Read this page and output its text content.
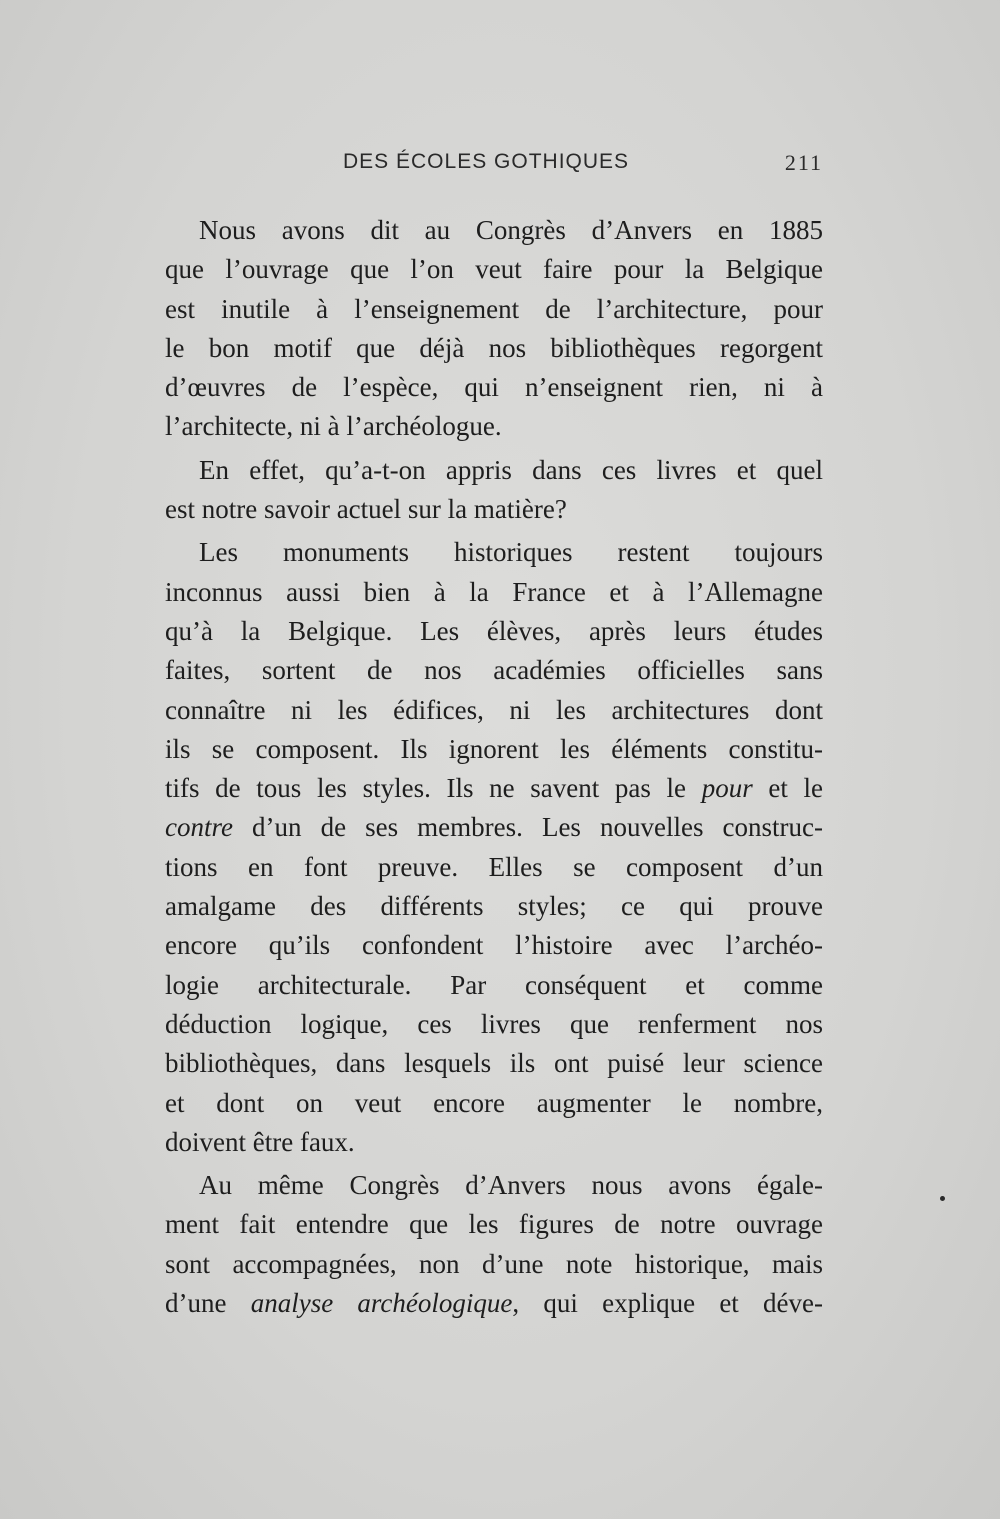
DES ÉCOLES GOTHIQUES	211
Nous avons dit au Congrès d’Anvers en 1885
que l’ouvrage que l’on veut faire pour la Belgique
est inutile à l’enseignement de l’architecture, pour
le bon motif que déjà nos bibliothèques regorgent
d’œuvres de l’espèce, qui n’enseignent rien, ni à
l’architecte, ni à l’archéologue.
En effet, qu’a-t-on appris dans ces livres et quel
est notre savoir actuel sur la matière?
Les monuments historiques restent toujours
inconnus aussi bien à la France et à l’Allemagne
qu’à la Belgique. Les élèves, après leurs études
faites, sortent de nos académies officielles sans
connaître ni les édifices, ni les architectures dont
ils se composent. Ils ignorent les éléments constitu-
tifs de tous les styles. Ils ne savent pas le pour et le
contre d’un de ses membres. Les nouvelles construc-
tions en font preuve. Elles se composent d’un
amalgame des différents styles; ce qui prouve
encore qu’ils confondent l’histoire avec l’archéo-
logie architecturale. Par conséquent et comme
déduction logique, ces livres que renferment nos
bibliothèques, dans lesquels ils ont puisé leur science
et dont on veut encore augmenter le nombre,
doivent être faux.
Au même Congrès d’Anvers nous avons égale-
ment fait entendre que les figures de notre ouvrage
sont accompagnées, non d’une note historique, mais
d’une analyse archéologique, qui explique et déve-
